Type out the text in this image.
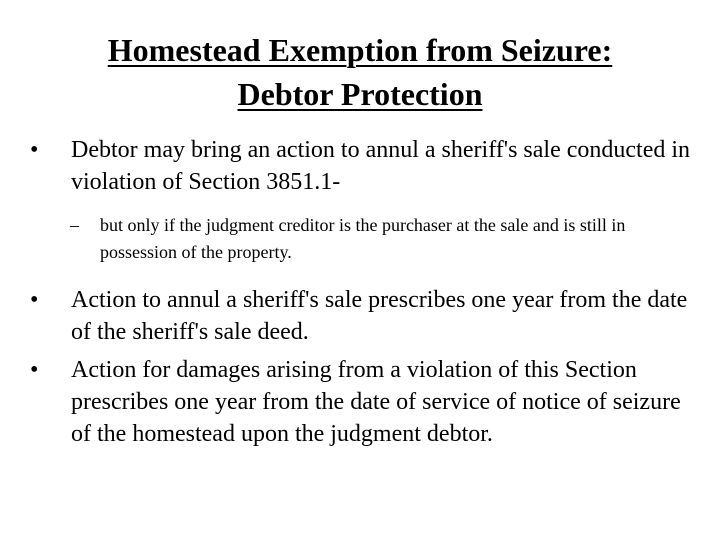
Homestead Exemption from Seizure:
Debtor Protection
• Debtor may bring an action to annul a sheriff's sale conducted in violation of Section 3851.1-
– but only if the judgment creditor is the purchaser at the sale and is still in possession of the property.
• Action to annul a sheriff's sale prescribes one year from the date of the sheriff's sale deed.
• Action for damages arising from a violation of this Section prescribes one year from the date of service of notice of seizure of the homestead upon the judgment debtor.
